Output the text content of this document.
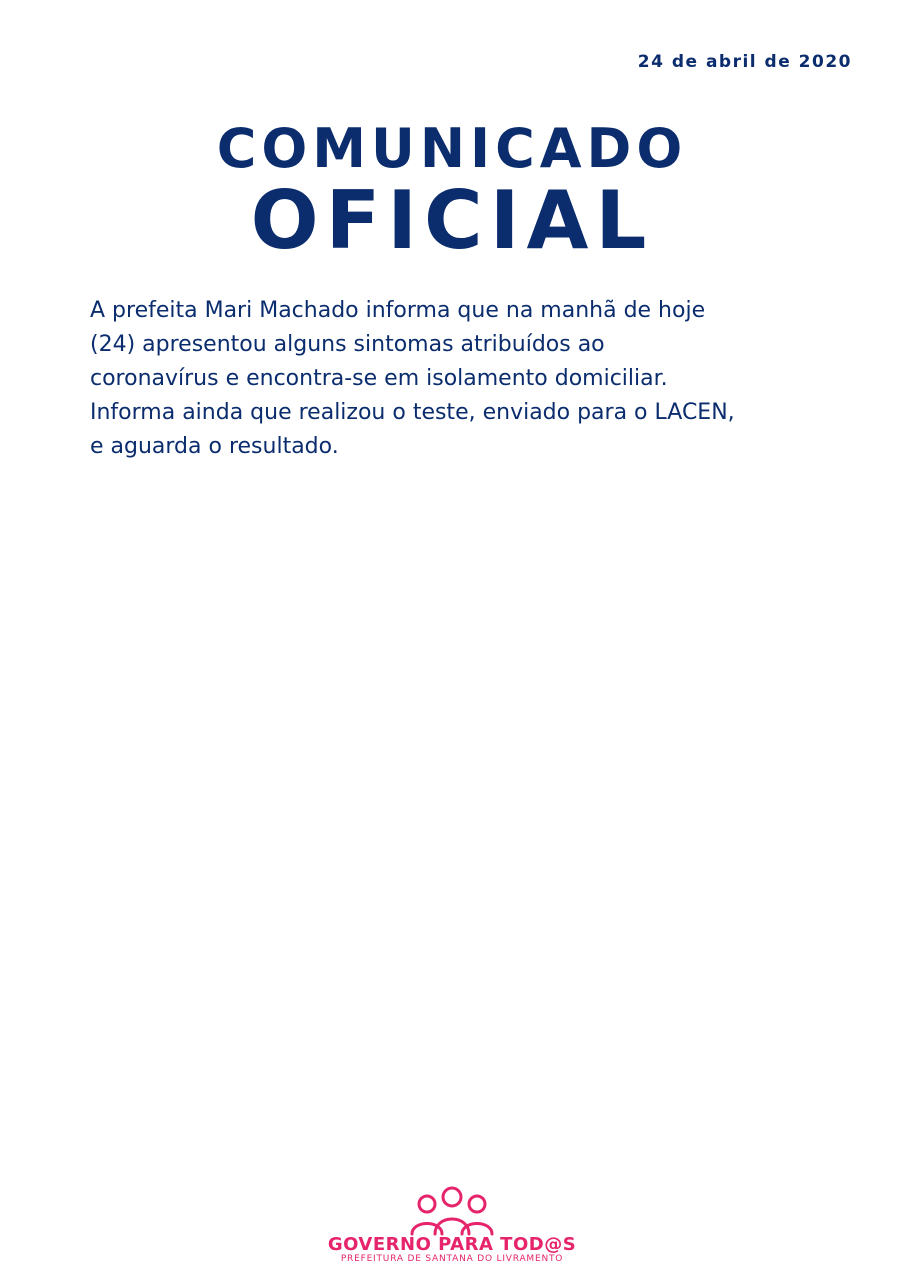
24 de abril de 2020
COMUNICADO
OFICIAL

A prefeita Mari Machado informa que na manhã de hoje (24) apresentou alguns sintomas atribuídos ao coronavírus e encontra-se em isolamento domiciliar. Informa ainda que realizou o teste, enviado para o LACEN, e aguarda o resultado.

GOVERNO PARA TOD@S
PREFEITURA DE SANTANA DO LIVRAMENTO
